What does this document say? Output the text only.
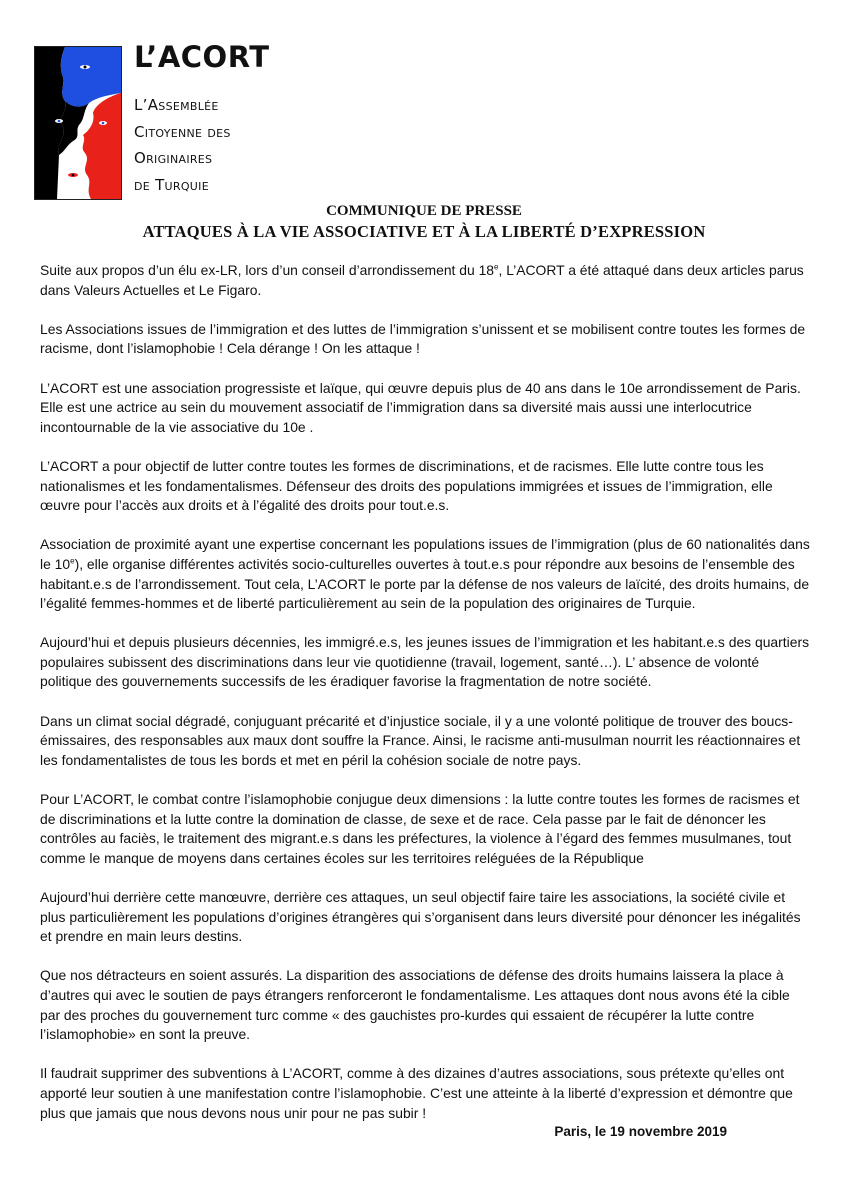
L’ACORT
L’Assemblée
Citoyenne des
Originaires
de Turquie
COMMUNIQUE DE PRESSE
ATTAQUES À LA VIE ASSOCIATIVE ET À LA LIBERTÉ D’EXPRESSION

Suite aux propos d’un élu ex-LR, lors d’un conseil d’arrondissement du 18e, L’ACORT a été attaqué dans deux articles parus dans Valeurs Actuelles et Le Figaro.

Les Associations issues de l’immigration et des luttes de l’immigration s’unissent et se mobilisent contre toutes les formes de racisme, dont l’islamophobie ! Cela dérange ! On les attaque !

L’ACORT est une association progressiste et laïque, qui œuvre depuis plus de 40 ans dans le 10e arrondissement de Paris. Elle est une actrice au sein du mouvement associatif de l’immigration dans sa diversité mais aussi une interlocutrice incontournable de la vie associative du 10e .

L’ACORT a pour objectif de lutter contre toutes les formes de discriminations, et de racismes. Elle lutte contre tous les nationalismes et les fondamentalismes. Défenseur des droits des populations immigrées et issues de l’immigration, elle œuvre pour l’accès aux droits et à l’égalité des droits pour tout.e.s.

Association de proximité ayant une expertise concernant les populations issues de l’immigration (plus de 60 nationalités dans le 10e), elle organise différentes activités socio-culturelles ouvertes à tout.e.s pour répondre aux besoins de l’ensemble des habitant.e.s de l’arrondissement. Tout cela, L’ACORT le porte par la défense de nos valeurs de laïcité, des droits humains, de l’égalité femmes-hommes et de liberté particulièrement au sein de la population des originaires de Turquie.

Aujourd’hui et depuis plusieurs décennies, les immigré.e.s, les jeunes issues de l’immigration et les habitant.e.s des quartiers populaires subissent des discriminations dans leur vie quotidienne (travail, logement, santé…). L’ absence de volonté politique des gouvernements successifs de les éradiquer favorise la fragmentation de notre société.

Dans un climat social dégradé, conjuguant précarité et d’injustice sociale, il y a une volonté politique de trouver des boucs- émissaires, des responsables aux maux dont souffre la France. Ainsi, le racisme anti-musulman nourrit les réactionnaires et les fondamentalistes de tous les bords et met en péril la cohésion sociale de notre pays.

Pour L’ACORT, le combat contre l’islamophobie conjugue deux dimensions : la lutte contre toutes les formes de racismes et de discriminations et la lutte contre la domination de classe, de sexe et de race. Cela passe par le fait de dénoncer les contrôles au faciès, le traitement des migrant.e.s dans les préfectures, la violence à l’égard des femmes musulmanes, tout comme le manque de moyens dans certaines écoles sur les territoires reléguées de la République

Aujourd’hui derrière cette manœuvre, derrière ces attaques, un seul objectif faire taire les associations, la société civile et plus particulièrement les populations d’origines étrangères qui s’organisent dans leurs diversité pour dénoncer les inégalités et prendre en main leurs destins.

Que nos détracteurs en soient assurés. La disparition des associations de défense des droits humains laissera la place à d’autres qui avec le soutien de pays étrangers renforceront le fondamentalisme. Les attaques dont nous avons été la cible par des proches du gouvernement turc comme « des gauchistes pro-kurdes qui essaient de récupérer la lutte contre l’islamophobie» en sont la preuve.

Il faudrait supprimer des subventions à L’ACORT, comme à des dizaines d’autres associations, sous prétexte qu’elles ont apporté leur soutien à une manifestation contre l’islamophobie. C’est une atteinte à la liberté d’expression et démontre que plus que jamais que nous devons nous unir pour ne pas subir !

Paris, le 19 novembre 2019
